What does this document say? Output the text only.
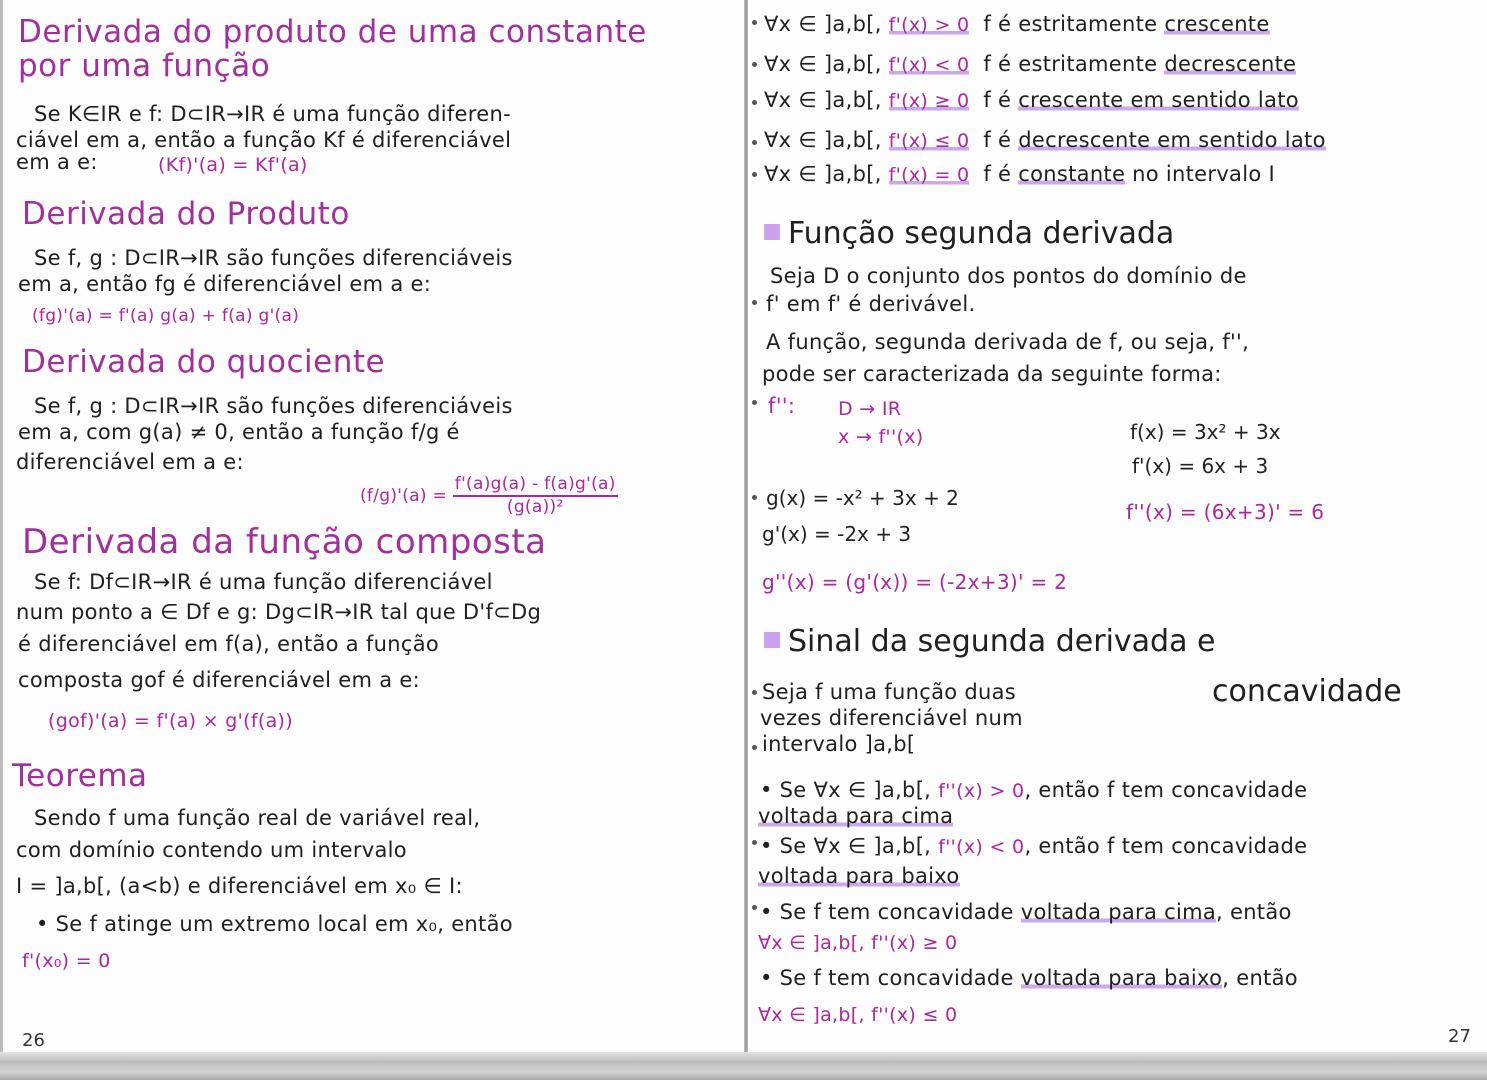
Derivada do produto de uma constante
por uma função
Se K∈IR e f: D⊂IR→IR é uma função diferen-
ciável em a, então a função Kf é diferenciável
em a e:	(Kf)'(a) = Kf'(a)
Derivada do Produto
Se f, g : D⊂IR→IR são funções diferenciáveis
em a, então fg é diferenciável em a e:
(fg)'(a) = f'(a) g(a) + f(a) g'(a)
Derivada do quociente
Se f, g : D⊂IR→IR são funções diferenciáveis
em a, com g(a) ≠ 0, então a função f/g é
diferenciável em a e:
$(f/g)'(a) = \frac{f'(a)g(a) - f(a)g'(a)}{\text{(g(a))²}}$
Derivada da função composta
Se f: Df⊂IR→IR é uma função diferenciável
num ponto a ∈ Df e g: Dg⊂IR→IR tal que D'f⊂Dg
é diferenciável em f(a), então a função
composta gof é diferenciável em a e:
(gof)'(a) = f'(a) × g'(f(a))
Teorema
Sendo f uma função real de variável real,
com domínio contendo um intervalo
I = ]a,b[, (a<b) e diferenciável em x₀ ∈ I:
• Se f atinge um extremo local em x₀, então
f'(x₀) = 0
26
∀x ∈ ]a,b[, f'(x) > 0 f é estritamente crescente
∀x ∈ ]a,b[, f'(x) < 0 f é estritamente decrescente
∀x ∈ ]a,b[, f'(x) ≥ 0 f é crescente em sentido lato
∀x ∈ ]a,b[, f'(x) ≤ 0 f é decrescente em sentido lato
∀x ∈ ]a,b[, f'(x) = 0 f é constante no intervalo I
Função segunda derivada
Seja D o conjunto dos pontos do domínio de
f' em f' é derivável.
A função, segunda derivada de f, ou seja, f'',
pode ser caracterizada da seguinte forma:
f'': D → IR
x → f''(x)	f(x) = 3x² + 3x
f'(x) = 6x + 3
f''(x) = (6x+3)' = 6
g(x) = -x² + 3x + 2
g'(x) = -2x + 3
g''(x) = (g'(x)) = (-2x+3)' = 2
Sinal da segunda derivada e
concavidade
Seja f uma função duas
vezes diferenciável num
intervalo ]a,b[
• Se ∀x ∈ ]a,b[, f''(x) > 0, então f tem concavidade
voltada para cima
• Se ∀x ∈ ]a,b[, f''(x) < 0, então f tem concavidade
voltada para baixo
• Se f tem concavidade voltada para cima, então
∀x ∈ ]a,b[, f''(x) ≥ 0
• Se f tem concavidade voltada para baixo, então
∀x ∈ ]a,b[, f''(x) ≤ 0
27
